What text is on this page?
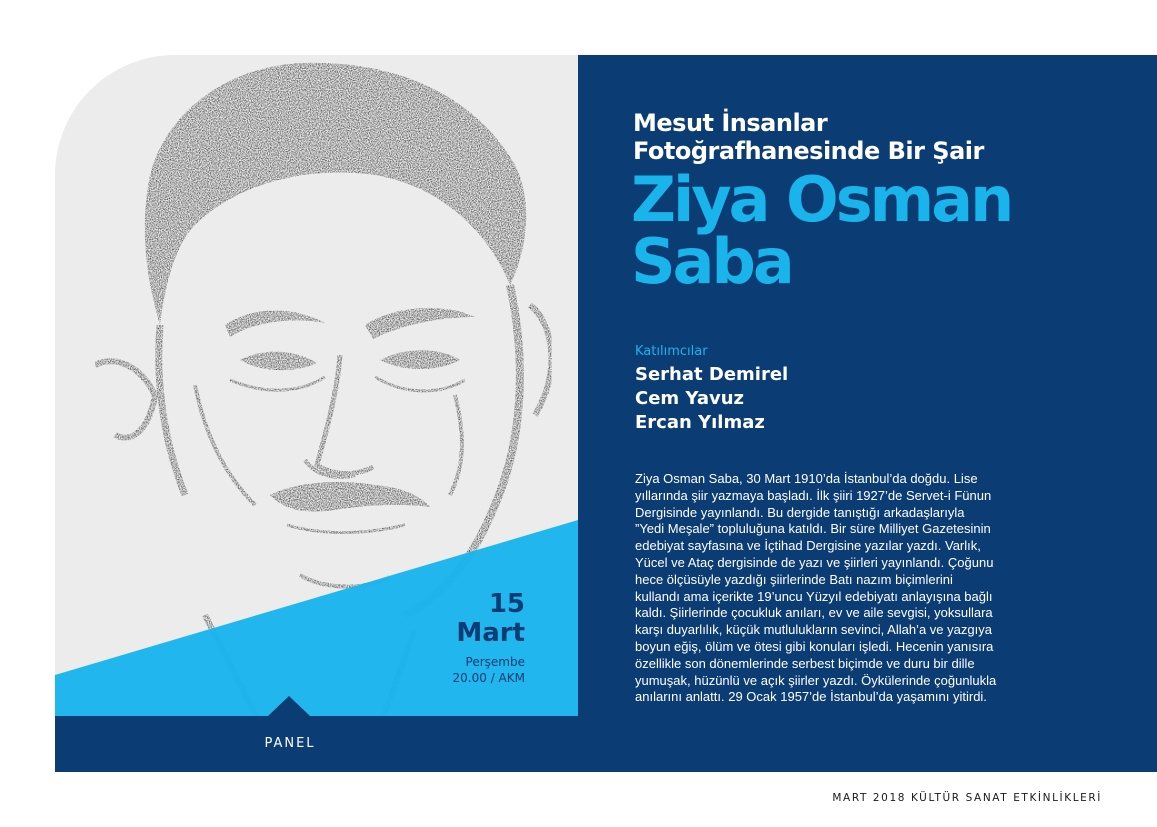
PANEL
15
Mart
Perşembe
20.00 / AKM
Mesut İnsanlar
Fotoğrafhanesinde Bir Şair
Ziya Osman
Saba
Katılımcılar
Serhat Demirel
Cem Yavuz
Ercan Yılmaz
Ziya Osman Saba, 30 Mart 1910’da İstanbul’da doğdu. Lise
yıllarında şiir yazmaya başladı. İlk şiiri 1927’de Servet-i Fünun
Dergisinde yayınlandı. Bu dergide tanıştığı arkadaşlarıyla
”Yedi Meşale” topluluğuna katıldı. Bir süre Milliyet Gazetesinin
edebiyat sayfasına ve İçtihad Dergisine yazılar yazdı. Varlık,
Yücel ve Ataç dergisinde de yazı ve şiirleri yayınlandı. Çoğunu
hece ölçüsüyle yazdığı şiirlerinde Batı nazım biçimlerini
kullandı ama içerikte 19’uncu Yüzyıl edebiyatı anlayışına bağlı
kaldı. Şiirlerinde çocukluk anıları, ev ve aile sevgisi, yoksullara
karşı duyarlılık, küçük mutlulukların sevinci, Allah’a ve yazgıya
boyun eğiş, ölüm ve ötesi gibi konuları işledi. Hecenin yanısıra
özellikle son dönemlerinde serbest biçimde ve duru bir dille
yumuşak, hüzünlü ve açık şiirler yazdı. Öykülerinde çoğunlukla
anılarını anlattı. 29 Ocak 1957’de İstanbul’da yaşamını yitirdi.
MART 2018 KÜLTÜR SANAT ETKİNLİKLERİ
